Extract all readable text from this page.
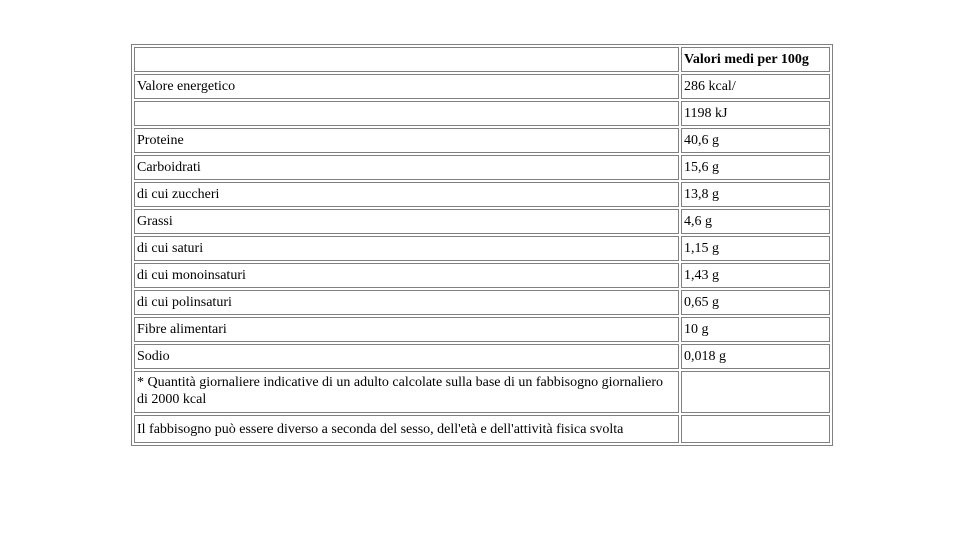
	Valori medi per 100g
Valore energetico	286 kcal/
	1198 kJ
Proteine	40,6 g
Carboidrati	15,6 g
di cui zuccheri	13,8 g
Grassi	4,6 g
di cui saturi	1,15 g
di cui monoinsaturi	1,43 g
di cui polinsaturi	0,65 g
Fibre alimentari	10 g
Sodio	0,018 g
* Quantità giornaliere indicative di un adulto calcolate sulla base di un fabbisogno giornaliero di 2000 kcal	
Il fabbisogno può essere diverso a seconda del sesso, dell'età e dell'attività fisica svolta	
